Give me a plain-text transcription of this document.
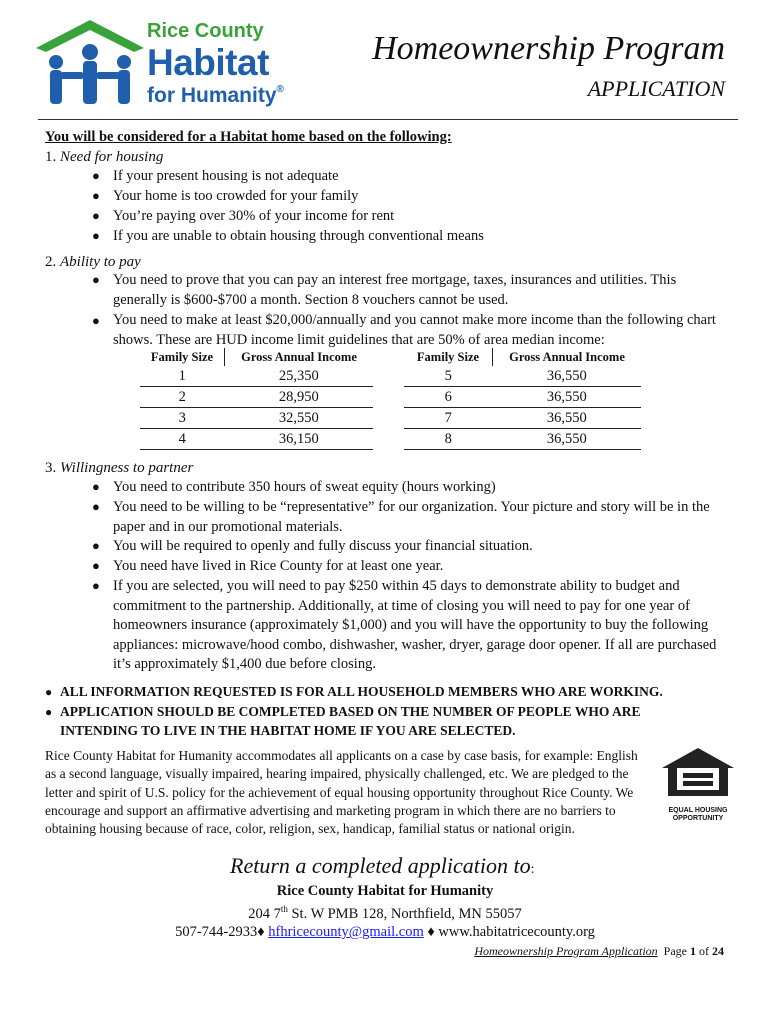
Rice County
Habitat
for Humanity®
Homeownership Program
APPLICATION
You will be considered for a Habitat home based on the following:
1. Need for housing
● If your present housing is not adequate
● Your home is too crowded for your family
● You’re paying over 30% of your income for rent
● If you are unable to obtain housing through conventional means
2. Ability to pay
● You need to prove that you can pay an interest free mortgage, taxes, insurances and utilities. This generally is $600-$700 a month. Section 8 vouchers cannot be used.
● You need to make at least $20,000/annually and you cannot make more income than the following chart shows. These are HUD income limit guidelines that are 50% of area median income:
Family Size	Gross Annual Income
1	25,350
2	28,950
3	32,550
4	36,150
Family Size	Gross Annual Income
5	36,550
6	36,550
7	36,550
8	36,550
3. Willingness to partner
● You need to contribute 350 hours of sweat equity (hours working)
● You need to be willing to be “representative” for our organization. Your picture and story will be in the paper and in our promotional materials.
● You will be required to openly and fully discuss your financial situation.
● You need have lived in Rice County for at least one year.
● If you are selected, you will need to pay $250 within 45 days to demonstrate ability to budget and commitment to the partnership. Additionally, at time of closing you will need to pay for one year of homeowners insurance (approximately $1,000) and you will have the opportunity to buy the following appliances: microwave/hood combo, dishwasher, washer, dryer, garage door opener. If all are purchased it’s approximately $1,400 due before closing.
● ALL INFORMATION REQUESTED IS FOR ALL HOUSEHOLD MEMBERS WHO ARE WORKING.
● APPLICATION SHOULD BE COMPLETED BASED ON THE NUMBER OF PEOPLE WHO ARE INTENDING TO LIVE IN THE HABITAT HOME IF YOU ARE SELECTED.
Rice County Habitat for Humanity accommodates all applicants on a case by case basis, for example: English as a second language, visually impaired, hearing impaired, physically challenged, etc. We are pledged to the letter and spirit of U.S. policy for the achievement of equal housing opportunity throughout Rice County. We encourage and support an affirmative advertising and marketing program in which there are no barriers to obtaining housing because of race, color, religion, sex, handicap, familial status or national origin.
EQUAL HOUSING
OPPORTUNITY
Return a completed application to:
Rice County Habitat for Humanity
204 7th St. W PMB 128, Northfield, MN 55057
507-744-2933♦ hfhricecounty@gmail.com ♦ www.habitatricecounty.org
Homeownership Program Application Page 1 of 24
